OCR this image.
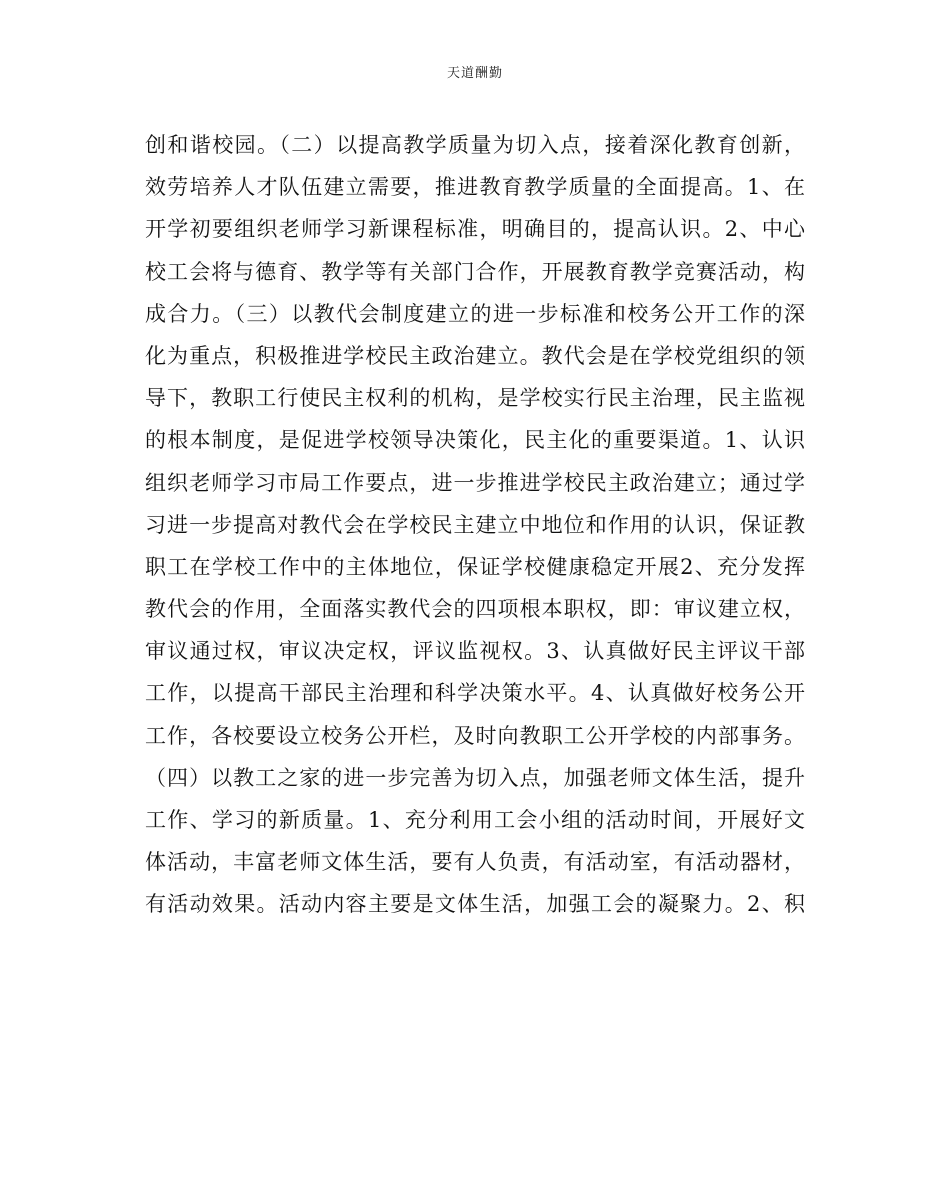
天道酬勤
创和谐校园。（二）以提高教学质量为切入点，接着深化教育创新，
效劳培养人才队伍建立需要，推进教育教学质量的全面提高。1、在
开学初要组织老师学习新课程标准，明确目的，提高认识。2、中心
校工会将与德育、教学等有关部门合作，开展教育教学竞赛活动，构
成合力。（三）以教代会制度建立的进一步标准和校务公开工作的深
化为重点，积极推进学校民主政治建立。教代会是在学校党组织的领
导下，教职工行使民主权利的机构，是学校实行民主治理，民主监视
的根本制度，是促进学校领导决策化，民主化的重要渠道。1、认识
组织老师学习市局工作要点，进一步推进学校民主政治建立；通过学
习进一步提高对教代会在学校民主建立中地位和作用的认识，保证教
职工在学校工作中的主体地位，保证学校健康稳定开展2、充分发挥
教代会的作用，全面落实教代会的四项根本职权，即：审议建立权，
审议通过权，审议决定权，评议监视权。3、认真做好民主评议干部
工作，以提高干部民主治理和科学决策水平。4、认真做好校务公开
工作，各校要设立校务公开栏，及时向教职工公开学校的内部事务。
（四）以教工之家的进一步完善为切入点，加强老师文体生活，提升
工作、学习的新质量。1、充分利用工会小组的活动时间，开展好文
体活动，丰富老师文体生活，要有人负责，有活动室，有活动器材，
有活动效果。活动内容主要是文体生活，加强工会的凝聚力。2、积
